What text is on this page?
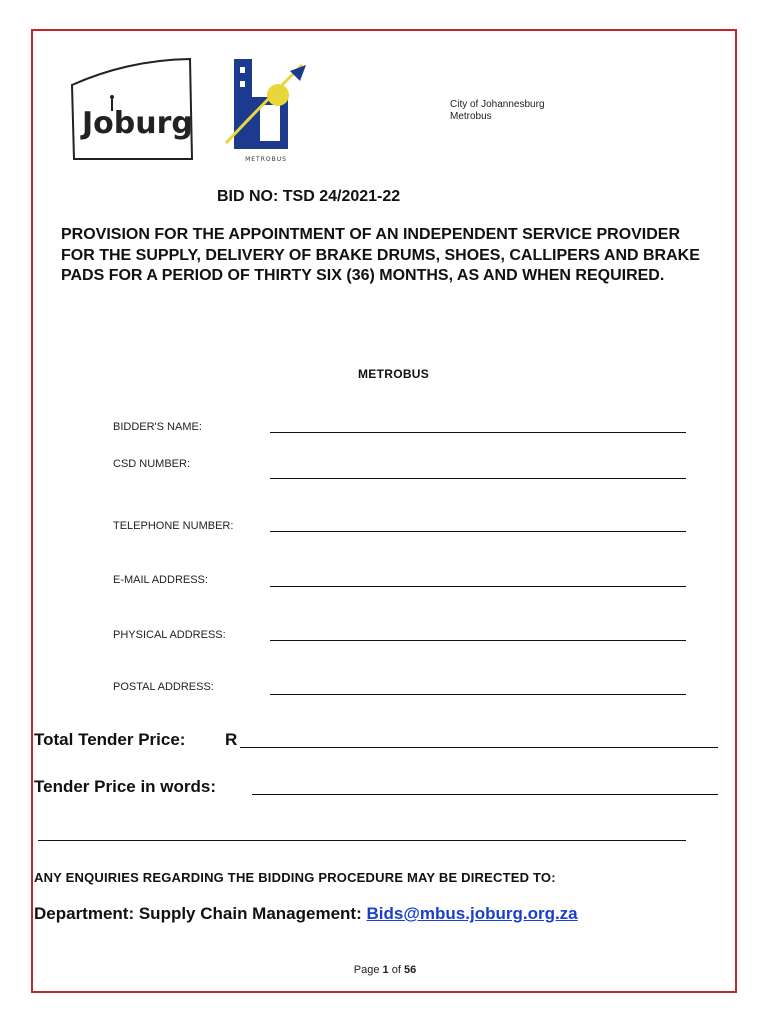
Joburg
METROBUS
City of Johannesburg
Metrobus
BID NO: TSD 24/2021-22
PROVISION FOR THE APPOINTMENT OF AN INDEPENDENT SERVICE PROVIDER FOR THE SUPPLY, DELIVERY OF BRAKE DRUMS, SHOES, CALLIPERS AND BRAKE PADS FOR A PERIOD OF THIRTY SIX (36) MONTHS, AS AND WHEN REQUIRED.
METROBUS
BIDDER'S NAME:
CSD NUMBER:
TELEPHONE NUMBER:
E-MAIL ADDRESS:
PHYSICAL ADDRESS:
POSTAL ADDRESS:
Total Tender Price: R
Tender Price in words:
ANY ENQUIRIES REGARDING THE BIDDING PROCEDURE MAY BE DIRECTED TO:
Department: Supply Chain Management: Bids@mbus.joburg.org.za
Page 1 of 56
